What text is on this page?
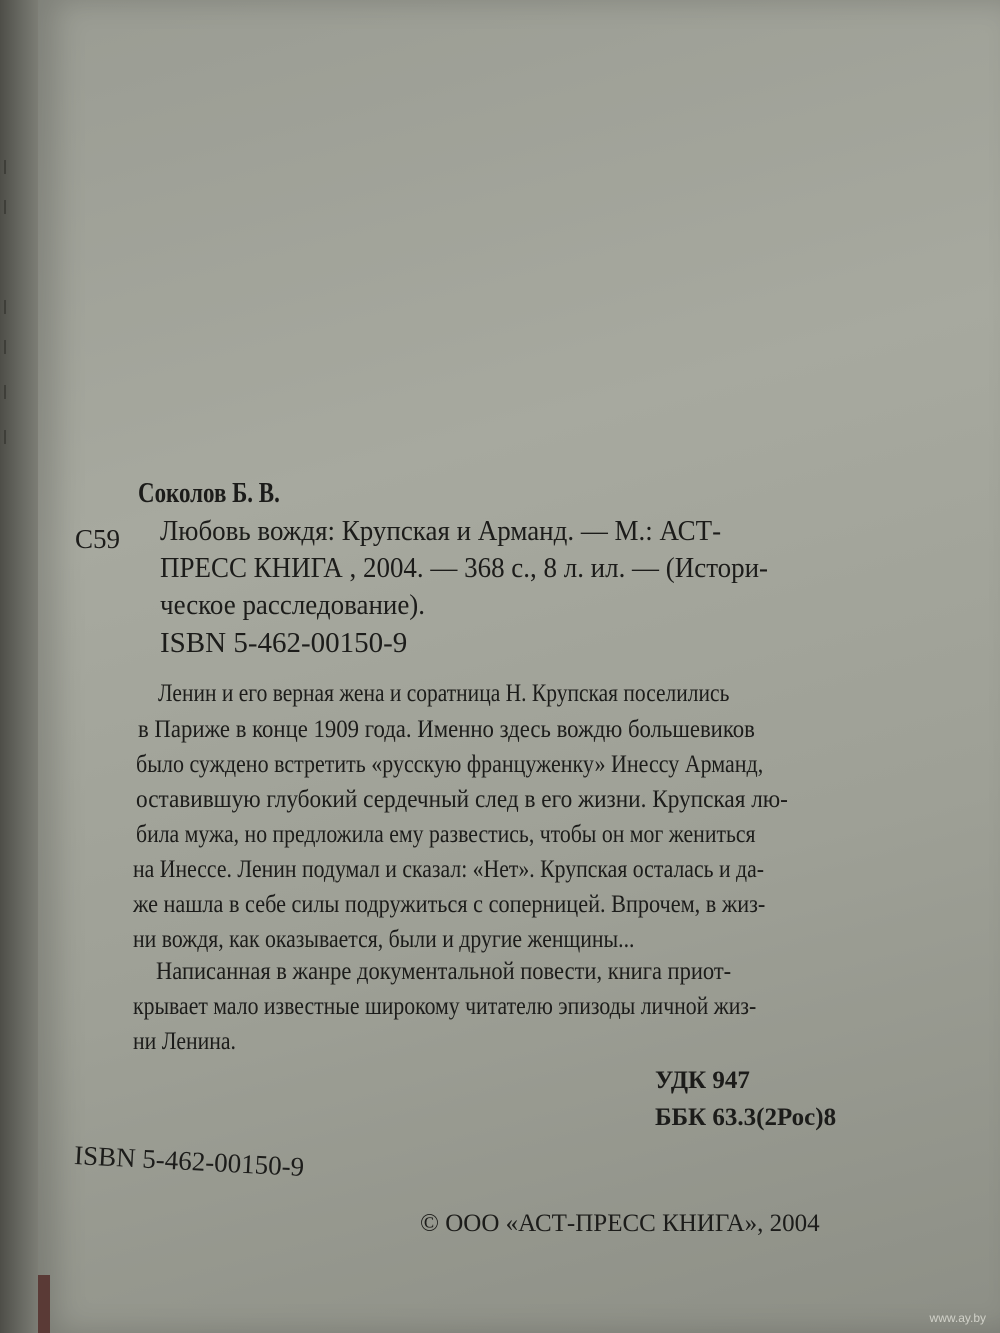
Соколов Б. В.
С59 Любовь вождя: Крупская и Арманд. — М.: АСТ-
ПРЕСС КНИГА , 2004. — 368 с., 8 л. ил. — (Истори-
ческое расследование).
ISBN 5-462-00150-9
Ленин и его верная жена и соратница Н. Крупская поселились
в Париже в конце 1909 года. Именно здесь вождю большевиков
было суждено встретить «русскую француженку» Инессу Арманд,
оставившую глубокий сердечный след в его жизни. Крупская лю-
била мужа, но предложила ему развестись, чтобы он мог жениться
на Инессе. Ленин подумал и сказал: «Нет». Крупская осталась и да-
же нашла в себе силы подружиться с соперницей. Впрочем, в жиз-
ни вождя, как оказывается, были и другие женщины...
Написанная в жанре документальной повести, книга приот-
крывает мало известные широкому читателю эпизоды личной жиз-
ни Ленина.
УДК 947
ББК 63.3(2Рос)8
ISBN 5-462-00150-9
© ООО «АСТ-ПРЕСС КНИГА», 2004
www.ay.by
